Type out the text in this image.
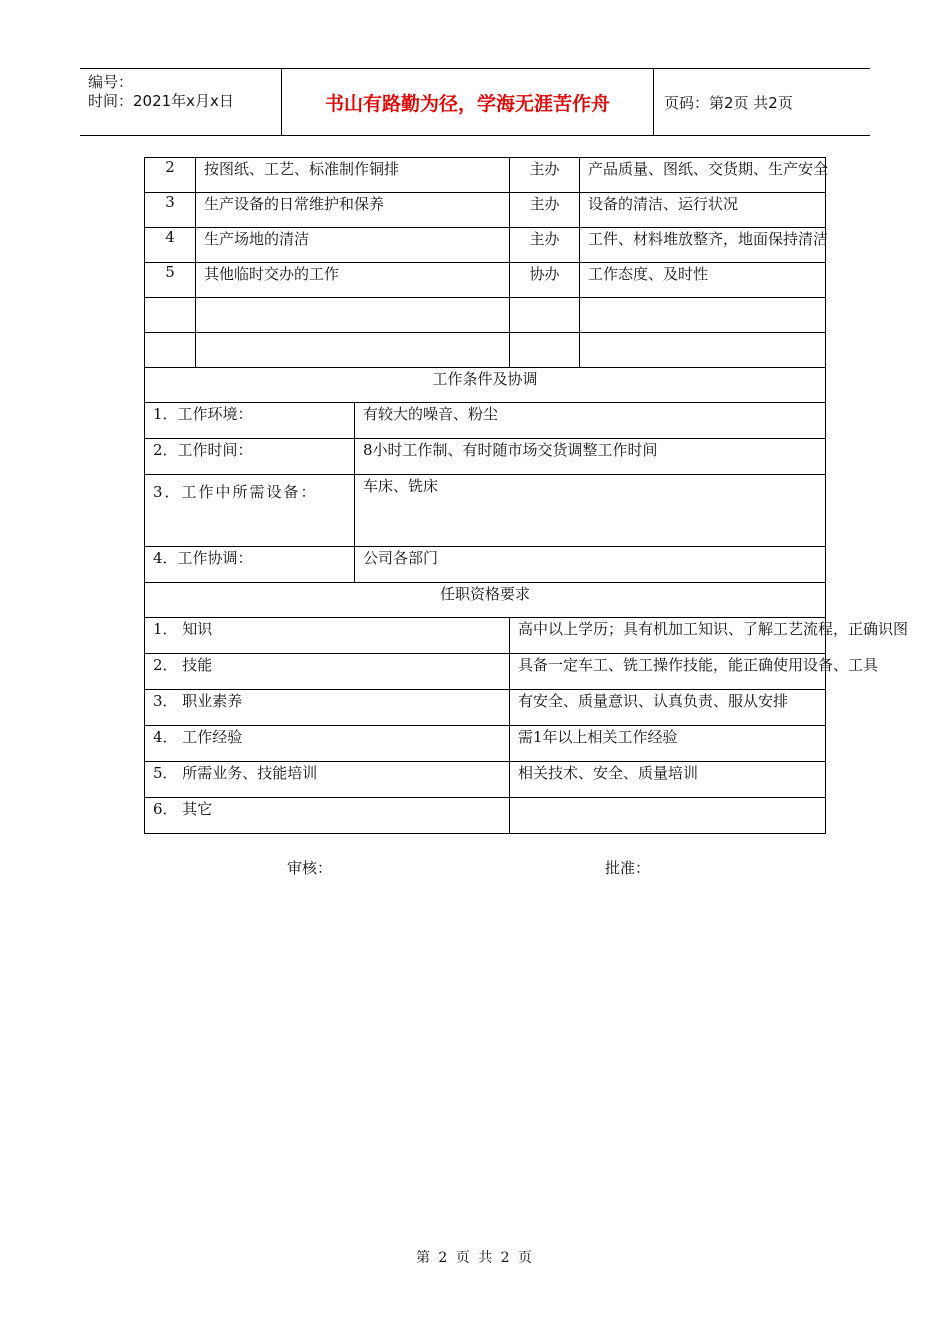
编号：
时间：2021年x月x日	书山有路勤为径，学海无涯苦作舟	页码：第2页 共2页
2	按图纸、工艺、标准制作铜排		主办	产品质量、图纸、交货期、生产安全
3	生产设备的日常维护和保养		主办	设备的清洁、运行状况
4	生产场地的清洁		主办	工件、材料堆放整齐，地面保持清洁
5	其他临时交办的工作		协办	工作态度、及时性

工作条件及协调				
1．工作环境：		有较大的噪音、粉尘		
2．工作时间：		8小时工作制、有时随市场交货调整工作时间		
3．工作中所需设备：		车床、铣床		
4．工作协调：		公司各部门		
任职资格要求				
1． 知识			高中以上学历；具有机加工知识、了解工艺流程，正确识图	
2． 技能			具备一定车工、铣工操作技能，能正确使用设备、工具	
3． 职业素养			有安全、质量意识、认真负责、服从安排	
4． 工作经验			需1年以上相关工作经验	
5． 所需业务、技能培训			相关技术、安全、质量培训	
6． 其它				
审核：	批准：
第 2 页 共 2 页
